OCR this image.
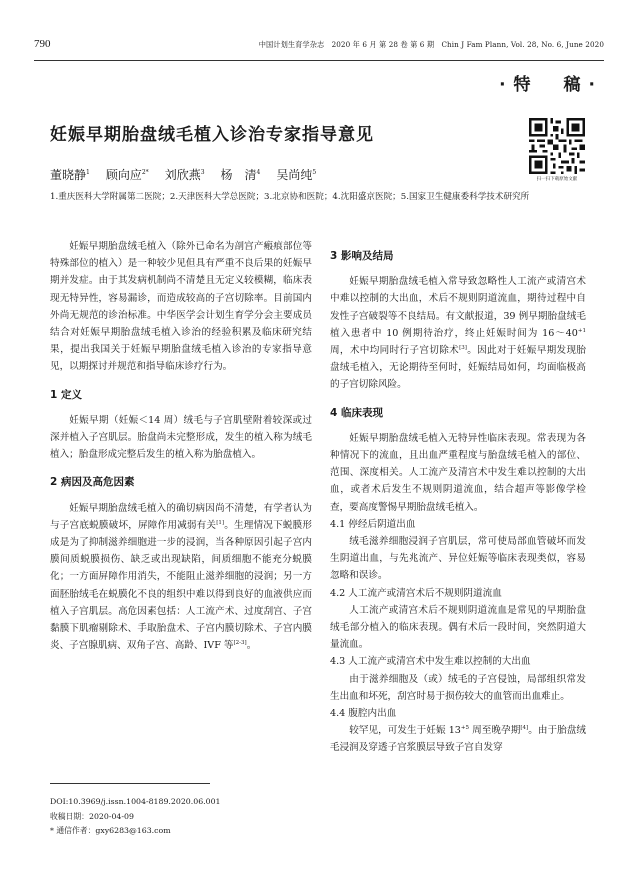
790	中国计划生育学杂志　2020 年 6 月 第 28 卷 第 6 期　Chin J Fam Plann, Vol. 28, No. 6, June 2020
·特　稿·
妊娠早期胎盘绒毛植入诊治专家指导意见
扫一扫下载原始文献
董晓静$^1$ 顾向应$^{2*}$ 刘欣燕$^3$ 杨　清$^4$ 吴尚纯$^5$
1.重庆医科大学附属第二医院；2.天津医科大学总医院；3.北京协和医院；4.沈阳盛京医院；5.国家卫生健康委科学技术研究所

妊娠早期胎盘绒毛植入（除外已命名为剖宫产瘢痕部位等特殊部位的植入）是一种较少见但具有严重不良后果的妊娠早期并发症。由于其发病机制尚不清楚且无定义较模糊，临床表现无特异性，容易漏诊，而造成较高的子宫切除率。目前国内外尚无规范的诊治标准。中华医学会计划生育学分会主要成员结合对妊娠早期胎盘绒毛植入诊治的经验积累及临床研究结果，提出我国关于妊娠早期胎盘绒毛植入诊治的专家指导意见，以期探讨并规范和指导临床诊疗行为。

1 定义

妊娠早期（妊娠＜14 周）绒毛与子宫肌壁附着较深或过深并植入子宫肌层。胎盘尚未完整形成，发生的植入称为绒毛植入；胎盘形成完整后发生的植入称为胎盘植入。

2 病因及高危因素

妊娠早期胎盘绒毛植入的确切病因尚不清楚，有学者认为与子宫底蜕膜破坏，屏障作用减弱有关[1]。生理情况下蜕膜形成是为了抑制滋养细胞进一步的浸润，当各种原因引起子宫内膜间质蜕膜损伤、缺乏或出现缺陷，间质细胞不能充分蜕膜化；一方面屏障作用消失，不能阻止滋养细胞的浸润；另一方面胚胎绒毛在蜕膜化不良的组织中难以得到良好的血液供应而植入子宫肌层。高危因素包括：人工流产术、过度刮宫、子宫黏膜下肌瘤剔除术、手取胎盘术、子宫内膜切除术、子宫内膜炎、子宫腺肌病、双角子宫、高龄、IVF 等[2-3]。

3 影响及结局

妊娠早期胎盘绒毛植入常导致忽略性人工流产或清宫术中难以控制的大出血，术后不规则阴道流血，期待过程中自发性子宫破裂等不良结局。有文献报道，39 例早期胎盘绒毛植入患者中 10 例期待治疗，终止妊娠时间为 $16\sim 40^{+1}$ 周，术中均同时行子宫切除术[3]。因此对于妊娠早期发现胎盘绒毛植入，无论期待至何时，妊娠结局如何，均面临极高的子宫切除风险。

4 临床表现

妊娠早期胎盘绒毛植入无特异性临床表现。常表现为各种情况下的流血，且出血严重程度与胎盘绒毛植入的部位、范围、深度相关。人工流产及清宫术中发生难以控制的大出血，或者术后发生不规则阴道流血，结合超声等影像学检查，要高度警惕早期胎盘绒毛植入。

4.1 停经后阴道出血

绒毛滋养细胞浸润子宫肌层，常可使局部血管破坏而发生阴道出血，与先兆流产、异位妊娠等临床表现类似，容易忽略和误诊。

4.2 人工流产或清宫术后不规则阴道流血

人工流产或清宫术后不规则阴道流血是常见的早期胎盘绒毛部分植入的临床表现。偶有术后一段时间，突然阴道大量流血。

4.3 人工流产或清宫术中发生难以控制的大出血

由于滋养细胞及（或）绒毛的子宫侵蚀，局部组织常发生出血和坏死，刮宫时易于损伤较大的血管而出血难止。

4.4 腹腔内出血

较罕见，可发生于妊娠 $13^{+5}$ 周至晚孕期[4]。由于胎盘绒毛浸润及穿透子宫浆膜层导致子宫自发穿

DOI:10.3969/j.issn.1004-8189.2020.06.001
收稿日期：2020-04-09
* 通信作者：gxy6283@163.com
